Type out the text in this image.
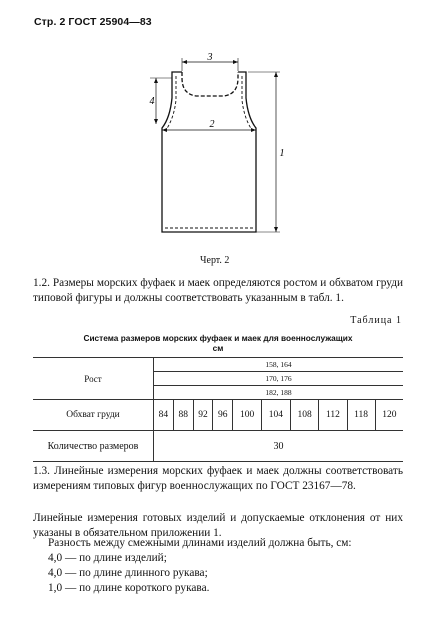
Стр. 2 ГОСТ 25904—83
3
2
4
1
Черт. 2
1.2. Размеры морских фуфаек и маек определяются ростом и обхватом груди типовой фигуры и должны соответствовать указанным в табл. 1.
Таблица 1
Система размеров морских фуфаек и маек для военнослужащих
см
Рост	158, 164									
	170, 176									
	182, 188									
Обхват груди	84	88	92	96	100	104	108	112	118	120
Количество размеров	30									
1.3. Линейные измерения морских фуфаек и маек должны соответствовать измерениям типовых фигур военнослужащих по ГОСТ 23167—78.
Линейные измерения готовых изделий и допускаемые отклонения от них указаны в обязательном приложении 1.
Разность между смежными длинами изделий должна быть, см:
4,0 — по длине изделий;
4,0 — по длине длинного рукава;
1,0 — по длине короткого рукава.
